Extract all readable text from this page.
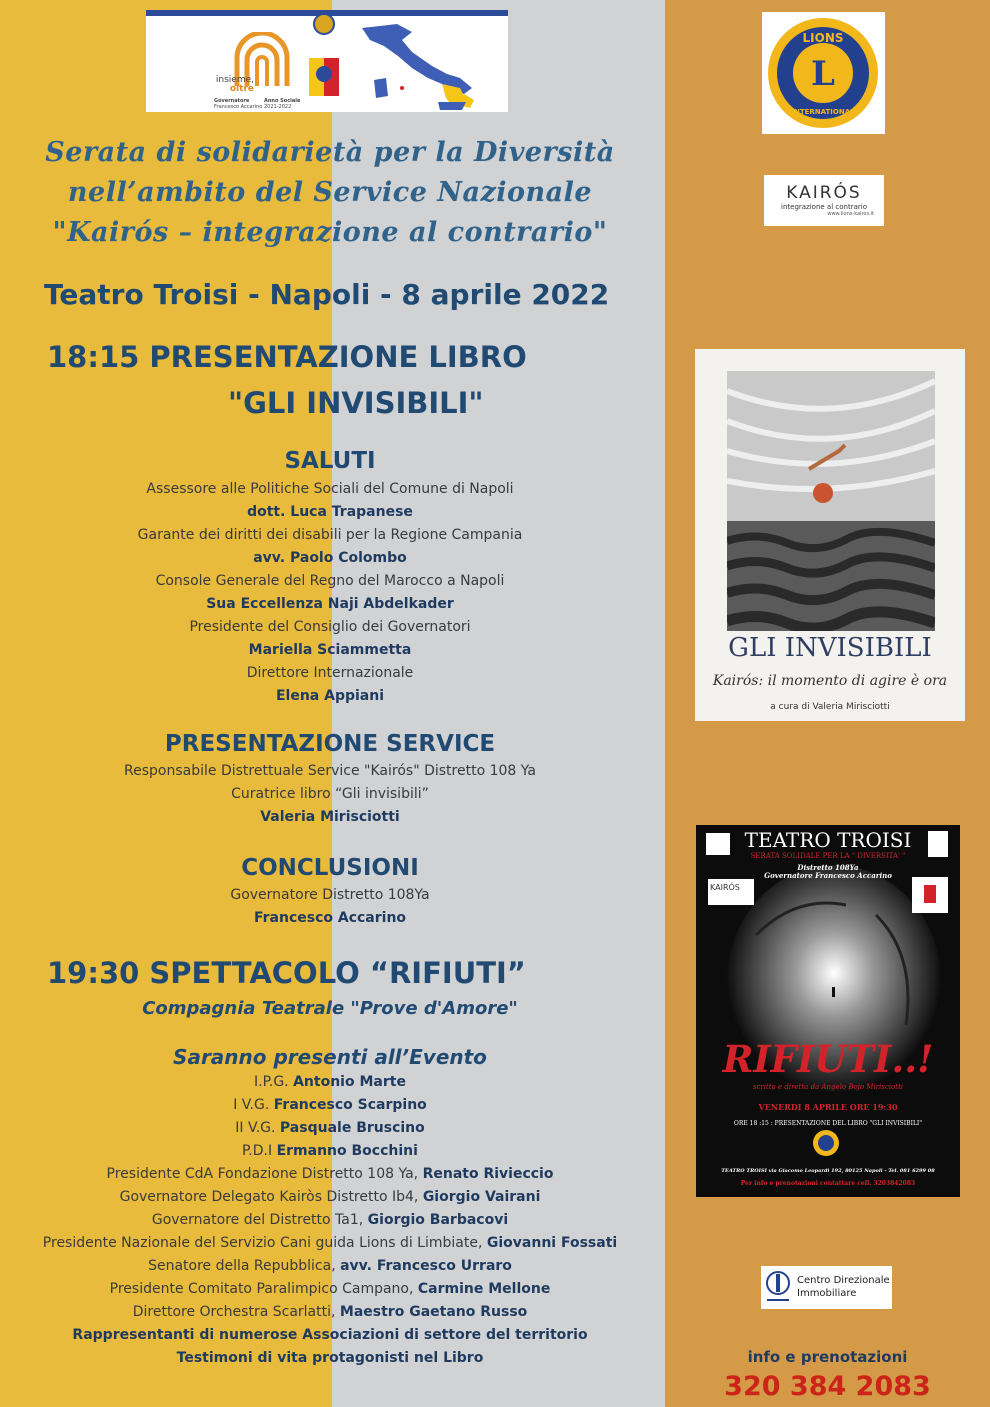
insieme,
oltre
Governatore
Francesco Accarino
Anno Sociale
2021-2022
Serata di solidarietà per la Diversità
nell’ambito del Service Nazionale
"Kairós – integrazione al contrario"
Teatro Troisi - Napoli - 8 aprile 2022
18:15 PRESENTAZIONE LIBRO
"GLI INVISIBILI"
SALUTI
Assessore alle Politiche Sociali del Comune di Napoli
dott. Luca Trapanese
Garante dei diritti dei disabili per la Regione Campania
avv. Paolo Colombo
Console Generale del Regno del Marocco a Napoli
Sua Eccellenza Naji Abdelkader
Presidente del Consiglio dei Governatori
Mariella Sciammetta
Direttore Internazionale
Elena Appiani
PRESENTAZIONE SERVICE
Responsabile Distrettuale Service "Kairós" Distretto 108 Ya
Curatrice libro “Gli invisibili”
Valeria Mirisciotti
CONCLUSIONI
Governatore Distretto 108Ya
Francesco Accarino
19:30 SPETTACOLO “RIFIUTI”
Compagnia Teatrale "Prove d'Amore"
Saranno presenti all’Evento
I.P.G. Antonio Marte
I V.G. Francesco Scarpino
II V.G. Pasquale Bruscino
P.D.I Ermanno Bocchini
Presidente CdA Fondazione Distretto 108 Ya, Renato Rivieccio
Governatore Delegato Kairòs Distretto Ib4, Giorgio Vairani
Governatore del Distretto Ta1, Giorgio Barbacovi
Presidente Nazionale del Servizio Cani guida Lions di Limbiate, Giovanni Fossati
Senatore della Repubblica, avv. Francesco Urraro
Presidente Comitato Paralimpico Campano, Carmine Mellone
Direttore Orchestra Scarlatti, Maestro Gaetano Russo
Rappresentanti di numerose Associazioni di settore del territorio
Testimoni di vita protagonisti nel Libro
L
LIONS
INTERNATIONAL
KAIRÓS
integrazione al contrario
www.lions-kairos.it
GLI INVISIBILI
Kairós: il momento di agire è ora
a cura di Valeria Mirisciotti
TEATRO TROISI
SERATA SOLIDALE PER LA " DIVERSITA' "
Distretto 108Ya
Governatore Francesco Accarino
KAIRÓS
RIFIUTI..!
scritta e diretta da Angelo Bojo Mirisciotti
VENERDI 8 APRILE ORE 19:30
ORE 18 :15 : PRESENTAZIONE DEL LIBRO "GLI INVISIBILI"
TEATRO TROISI via Giacomo Leopardi 192, 80125 Napoli - Tel. 081 6299 08
Per info e prenotazioni contattare cell. 3203842083
Centro Direzionale
Immobiliare
info e prenotazioni
320 384 2083
